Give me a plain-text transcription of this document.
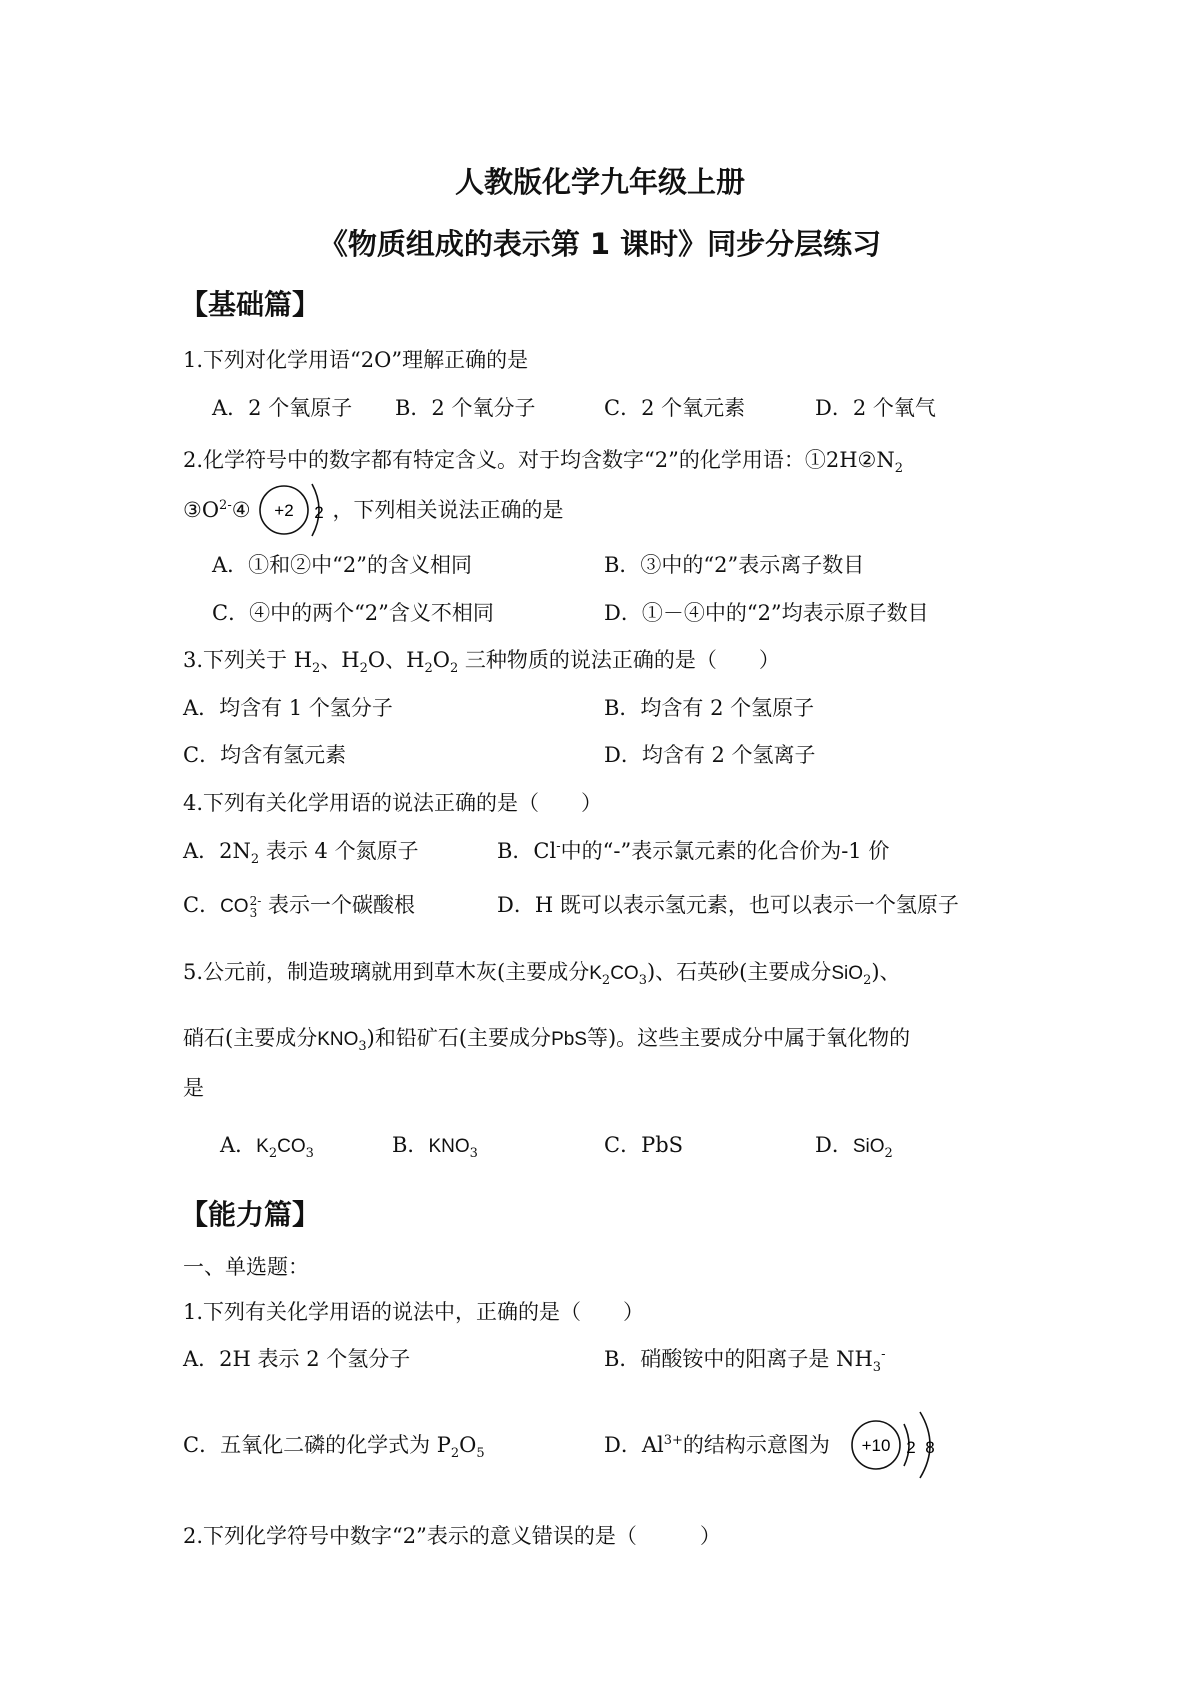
人教版化学九年级上册
《物质组成的表示第 1 课时》同步分层练习
【基础篇】
1.下列对化学用语“2O”理解正确的是
A．2 个氧原子 B．2 个氧分子	C．2 个氧元素	D．2 个氧气
2.化学符号中的数字都有特定含义。对于均含数字“2”的化学用语：$①2H②N_2$
$③O^{2-}④$	，下列相关说法正确的是
+2 2
A．①和②中“2”的含义相同	B．③中的“2”表示离子数目
C．④中的两个“2”含义不相同	D．①－④中的“2”均表示原子数目
3.下列关于 $H_2$、$H_2O$、$H_2O_2$ 三种物质的说法正确的是（　　）
A．均含有 1 个氢分子	B．均含有 2 个氢原子
C．均含有氢元素	D．均含有 2 个氢离子
4.下列有关化学用语的说法正确的是（　　）
A．$2N_2$ 表示 4 个氮原子	B．Cl-中的“-”表示氯元素的化合价为-1 价
C．CO 2-
3 表示一个碳酸根	D．H 既可以表示氢元素，也可以表示一个氢原子
5.公元前，制造玻璃就用到草木灰(主要成分$K_2CO_3$)、石英砂(主要成分SiO$_2$)、
硝石(主要成分$KNO_3$)和铅矿石(主要成分PbS等)。这些主要成分中属于氧化物的
是
A．$K_2CO_3$	B．$KNO_3$	C．PbS	D．SiO$_2$
【能力篇】
一、单选题：
1.下列有关化学用语的说法中，正确的是（　　）
A．2H 表示 2 个氢分子	B．硝酸铵中的阳离子是 $NH_3^-$
C．五氧化二磷的化学式为 $P_2O_5$	D．$Al^{3+}$的结构示意图为 +10 2 8
2.下列化学符号中数字“2”表示的意义错误的是（　　　）
